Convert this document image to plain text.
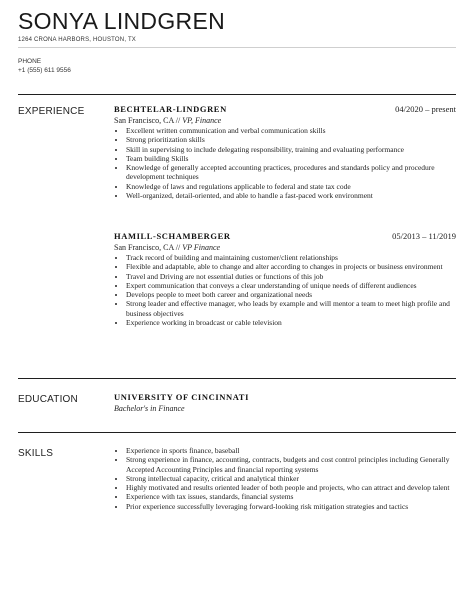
SONYA LINDGREN
1264 CRONA HARBORS, HOUSTON, TX
PHONE
+1 (555) 611 9556
EXPERIENCE	BECHTELAR-LINDGREN	04/2020 – present
San Francisco, CA // VP, Finance
• Excellent written communication and verbal communication skills
• Strong prioritization skills
• Skill in supervising to include delegating responsibility, training and evaluating performance
• Team building Skills
• Knowledge of generally accepted accounting practices, procedures and standards policy and procedure development techniques
• Knowledge of laws and regulations applicable to federal and state tax code
• Well-organized, detail-oriented, and able to handle a fast-paced work environment
HAMILL-SCHAMBERGER	05/2013 – 11/2019
San Francisco, CA // VP Finance
• Track record of building and maintaining customer/client relationships
• Flexible and adaptable, able to change and alter according to changes in projects or business environment
• Travel and Driving are not essential duties or functions of this job
• Expert communication that conveys a clear understanding of unique needs of different audiences
• Develops people to meet both career and organizational needs
• Strong leader and effective manager, who leads by example and will mentor a team to meet high profile and business objectives
• Experience working in broadcast or cable television
EDUCATION	UNIVERSITY OF CINCINNATI
Bachelor's in Finance
SKILLS
•	Experience in sports finance, baseball
• Strong experience in finance, accounting, contracts, budgets and cost control principles including Generally Accepted Accounting Principles and financial reporting systems
• Strong intellectual capacity, critical and analytical thinker
• Highly motivated and results oriented leader of both people and projects, who can attract and develop talent
• Experience with tax issues, standards, financial systems
• Prior experience successfully leveraging forward-looking risk mitigation strategies and tactics
